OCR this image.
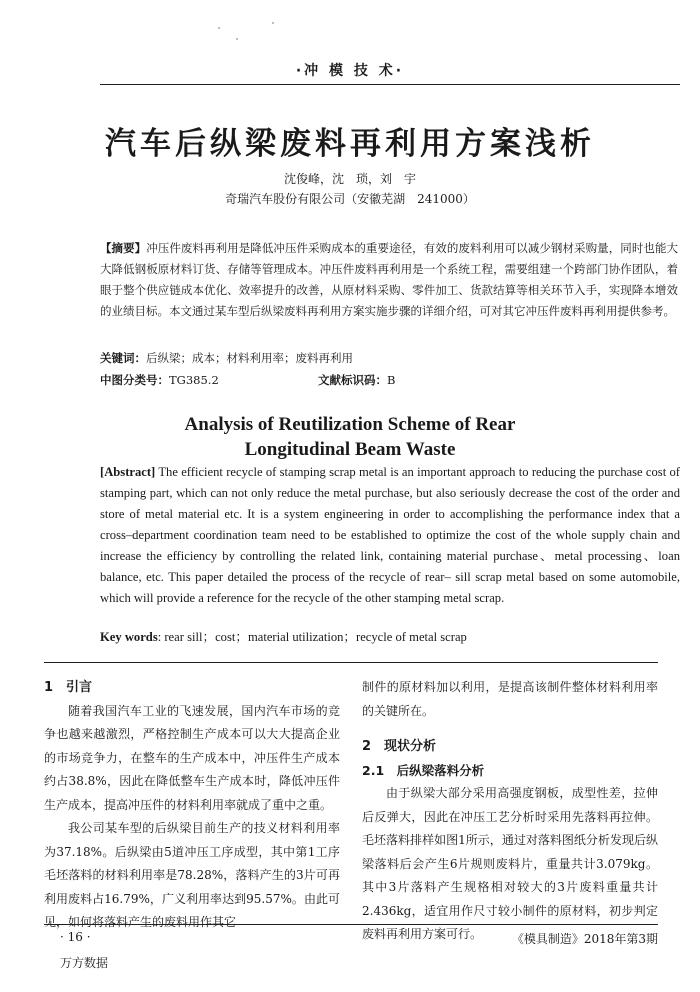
·冲 模 技 术·
汽车后纵梁废料再利用方案浅析
沈俊峰，沈　琐，刘　宇
奇瑞汽车股份有限公司（安徽芜湖　241000）
【摘要】冲压件废料再利用是降低冲压件采购成本的重要途径，有效的废料利用可以减少钢材采购量，同时也能大大降低钢板原材料订货、存储等管理成本。冲压件废料再利用是一个系统工程，需要组建一个跨部门协作团队，着眼于整个供应链成本优化、效率提升的改善，从原材料采购、零件加工、货款结算等相关环节入手，实现降本增效的业绩目标。本文通过某车型后纵梁废料再利用方案实施步骤的详细介绍，可对其它冲压件废料再利用提供参考。
关键词：后纵梁；成本；材料利用率；废料再利用
中图分类号：TG385.2	文献标识码：B
Analysis of Reutilization Scheme of Rear
Longitudinal Beam Waste
[Abstract] The efficient recycle of stamping scrap metal is an important approach to reducing the purchase cost of stamping part, which can not only reduce the metal purchase, but also seriously decrease the cost of the order and store of metal material etc. It is a system engineering in order to accomplishing the performance index that a cross–department coordination team need to be established to optimize the cost of the whole supply chain and increase the efficiency by controlling the related link, containing material purchase、metal processing、loan balance, etc. This paper detailed the process of the recycle of rear– sill scrap metal based on some automobile, which will provide a reference for the recycle of the other stamping metal scrap.
Key words: rear sill；cost；material utilization；recycle of metal scrap
1　引言

随着我国汽车工业的飞速发展，国内汽车市场的竞争也越来越激烈，严格控制生产成本可以大大提高企业的市场竞争力，在整车的生产成本中，冲压件生产成本约占38.8%，因此在降低整车生产成本时，降低冲压件生产成本，提高冲压件的材料利用率就成了重中之重。

我公司某车型的后纵梁目前生产的技义材料利用率为37.18%。后纵梁由5道冲压工序成型，其中第1工序毛坯落料的材料利用率是78.28%，落料产生的3片可再利用废料占16.79%，广义利用率达到95.57%。由此可见，如何将落料产生的废料用作其它

制件的原材料加以利用，是提高该制件整体材料利用率的关键所在。
2　现状分析
2.1　后纵梁落料分析

由于纵梁大部分采用高强度钢板，成型性差，拉伸后反弹大，因此在冲压工艺分析时采用先落料再拉伸。毛坯落料排样如图1所示，通过对落料图纸分析发现后纵梁落料后会产生6片规则废料片，重量共计3.079kg。其中3片落料产生规格相对较大的3片废料重量共计2.436kg，适宜用作尺寸较小制件的原材料，初步判定废料再利用方案可行。

· 16 ·
万方数据
《模具制造》2018年第3期
